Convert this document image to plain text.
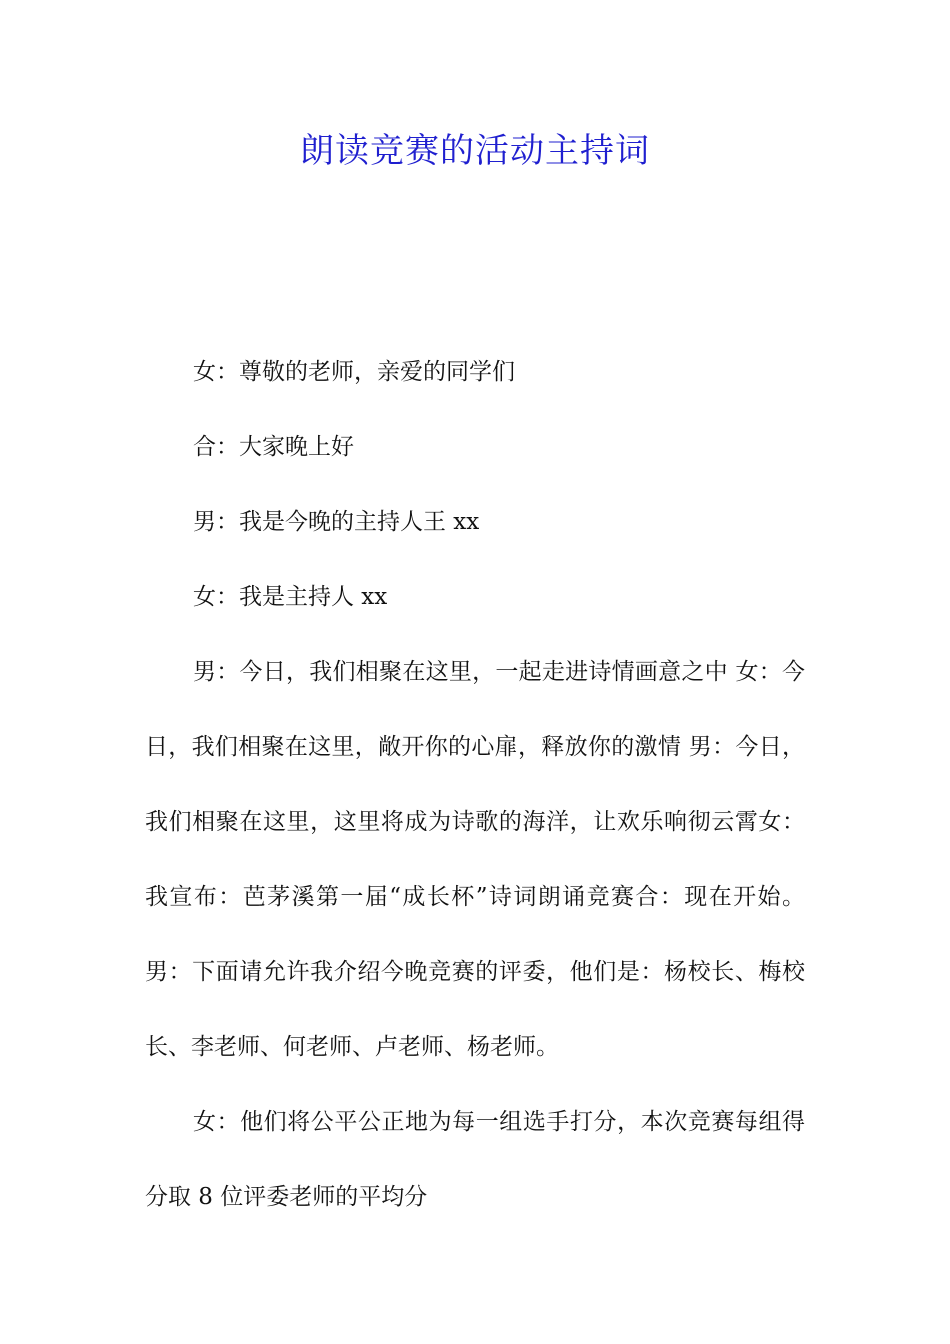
朗读竞赛的活动主持词

女：尊敬的老师，亲爱的同学们

合：大家晚上好

男：我是今晚的主持人王 xx

女：我是主持人 xx

男：今日，我们相聚在这里，一起走进诗情画意之中 女：今日，我们相聚在这里，敞开你的心扉，释放你的激情 男：今日，我们相聚在这里，这里将成为诗歌的海洋，让欢乐响彻云霄女：我宣布：芭茅溪第一届“成长杯”诗词朗诵竞赛合：现在开始。男：下面请允许我介绍今晚竞赛的评委，他们是：杨校长、梅校长、李老师、何老师、卢老师、杨老师。

女：他们将公平公正地为每一组选手打分，本次竞赛每组得分取 8 位评委老师的平均分
